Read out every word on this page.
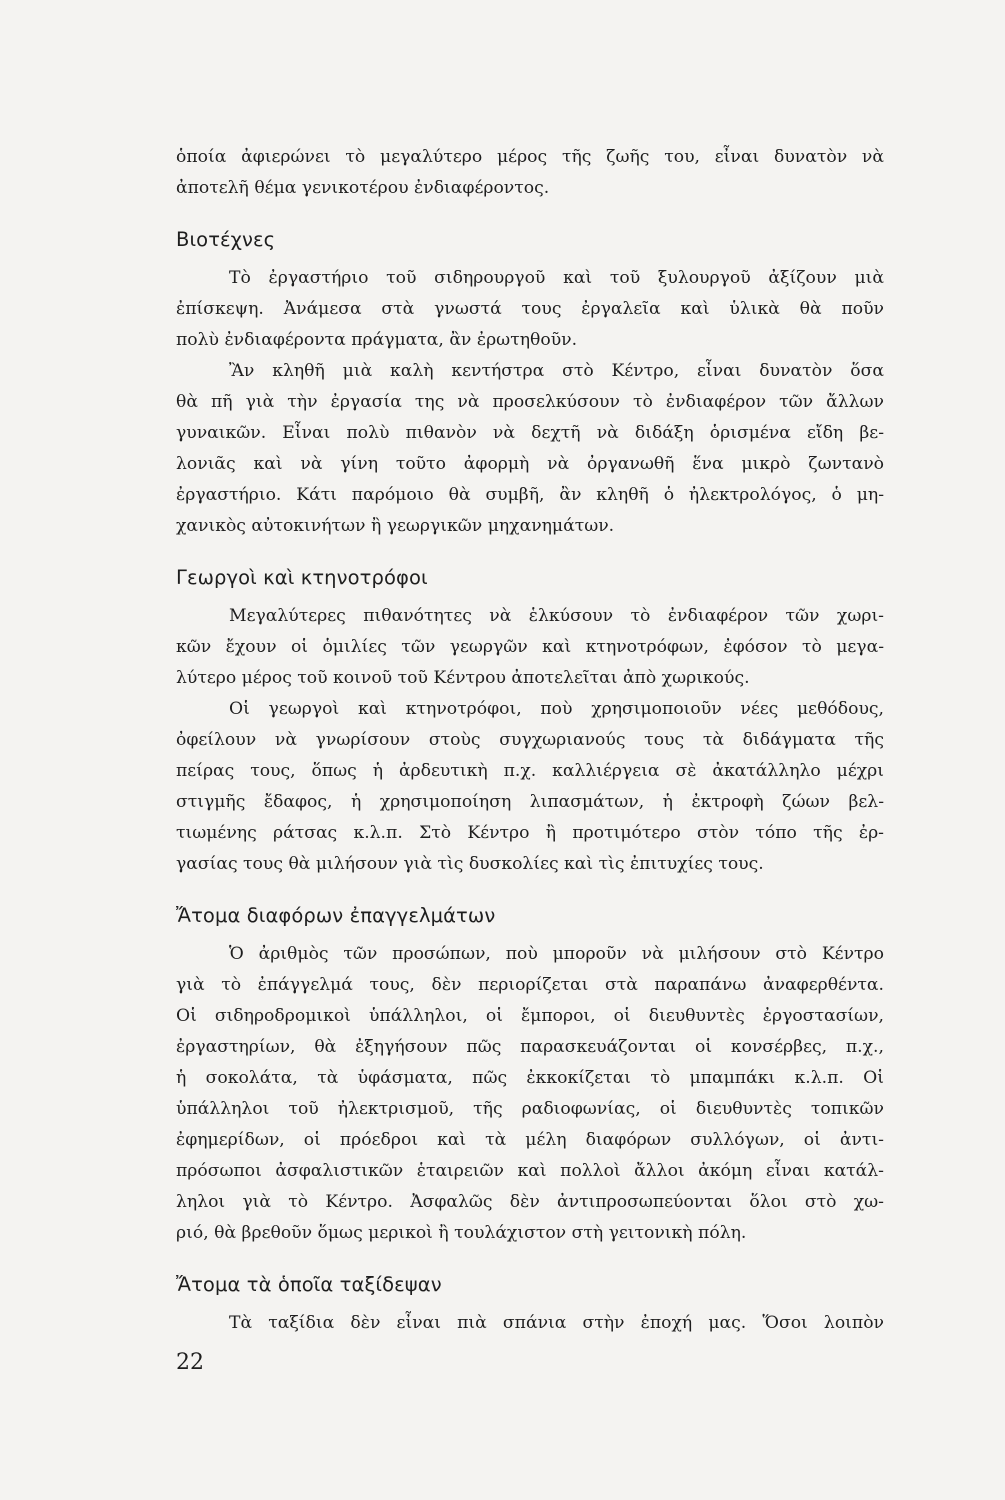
ὁποία ἀφιερώνει τὸ μεγαλύτερο μέρος τῆς ζωῆς του, εἶναι δυνατὸν νὰ
ἀποτελῆ θέμα γενικοτέρου ἐνδιαφέροντος.
Βιοτέχνες
Τὸ ἐργαστήριο τοῦ σιδηρουργοῦ καὶ τοῦ ξυλουργοῦ ἀξίζουν μιὰ
ἐπίσκεψη. Ἀνάμεσα στὰ γνωστά τους ἐργαλεῖα καὶ ὑλικὰ θὰ ποῦν
πολὺ ἐνδιαφέροντα πράγματα, ἂν ἐρωτηθοῦν.
Ἂν κληθῆ μιὰ καλὴ κεντήστρα στὸ Κέντρο, εἶναι δυνατὸν ὅσα
θὰ πῆ γιὰ τὴν ἐργασία της νὰ προσελκύσουν τὸ ἐνδιαφέρον τῶν ἄλλων
γυναικῶν. Εἶναι πολὺ πιθανὸν νὰ δεχτῆ νὰ διδάξη ὁρισμένα εἴδη βε-
λονιᾶς καὶ νὰ γίνη τοῦτο ἀφορμὴ νὰ ὀργανωθῆ ἕνα μικρὸ ζωντανὸ
ἐργαστήριο. Κάτι παρόμοιο θὰ συμβῆ, ἂν κληθῆ ὁ ἠλεκτρολόγος, ὁ μη-
χανικὸς αὐτοκινήτων ἢ γεωργικῶν μηχανημάτων.
Γεωργοὶ καὶ κτηνοτρόφοι
Μεγαλύτερες πιθανότητες νὰ ἑλκύσουν τὸ ἐνδιαφέρον τῶν χωρι-
κῶν ἔχουν οἱ ὁμιλίες τῶν γεωργῶν καὶ κτηνοτρόφων, ἐφόσον τὸ μεγα-
λύτερο μέρος τοῦ κοινοῦ τοῦ Κέντρου ἀποτελεῖται ἀπὸ χωρικούς.
Οἱ γεωργοὶ καὶ κτηνοτρόφοι, ποὺ χρησιμοποιοῦν νέες μεθόδους,
ὀφείλουν νὰ γνωρίσουν στοὺς συγχωριανούς τους τὰ διδάγματα τῆς
πείρας τους, ὅπως ἡ ἀρδευτικὴ π.χ. καλλιέργεια σὲ ἀκατάλληλο μέχρι
στιγμῆς ἔδαφος, ἡ χρησιμοποίηση λιπασμάτων, ἡ ἐκτροφὴ ζώων βελ-
τιωμένης ράτσας κ.λ.π. Στὸ Κέντρο ἢ προτιμότερο στὸν τόπο τῆς ἐρ-
γασίας τους θὰ μιλήσουν γιὰ τὶς δυσκολίες καὶ τὶς ἐπιτυχίες τους.
Ἄτομα διαφόρων ἐπαγγελμάτων
Ὁ ἀριθμὸς τῶν προσώπων, ποὺ μποροῦν νὰ μιλήσουν στὸ Κέντρο
γιὰ τὸ ἐπάγγελμά τους, δὲν περιορίζεται στὰ παραπάνω ἀναφερθέντα.
Οἱ σιδηροδρομικοὶ ὑπάλληλοι, οἱ ἔμποροι, οἱ διευθυντὲς ἐργοστασίων,
ἐργαστηρίων, θὰ ἐξηγήσουν πῶς παρασκευάζονται οἱ κονσέρβες, π.χ.,
ἡ σοκολάτα, τὰ ὑφάσματα, πῶς ἐκκοκίζεται τὸ μπαμπάκι κ.λ.π. Οἱ
ὑπάλληλοι τοῦ ἠλεκτρισμοῦ, τῆς ραδιοφωνίας, οἱ διευθυντὲς τοπικῶν
ἐφημερίδων, οἱ πρόεδροι καὶ τὰ μέλη διαφόρων συλλόγων, οἱ ἀντι-
πρόσωποι ἀσφαλιστικῶν ἑταιρειῶν καὶ πολλοὶ ἄλλοι ἀκόμη εἶναι κατάλ-
ληλοι γιὰ τὸ Κέντρο. Ἀσφαλῶς δὲν ἀντιπροσωπεύονται ὅλοι στὸ χω-
ριό, θὰ βρεθοῦν ὅμως μερικοὶ ἢ τουλάχιστον στὴ γειτονικὴ πόλη.
Ἄτομα τὰ ὁποῖα ταξίδεψαν
Τὰ ταξίδια δὲν εἶναι πιὰ σπάνια στὴν ἐποχή μας. Ὅσοι λοιπὸν
22
